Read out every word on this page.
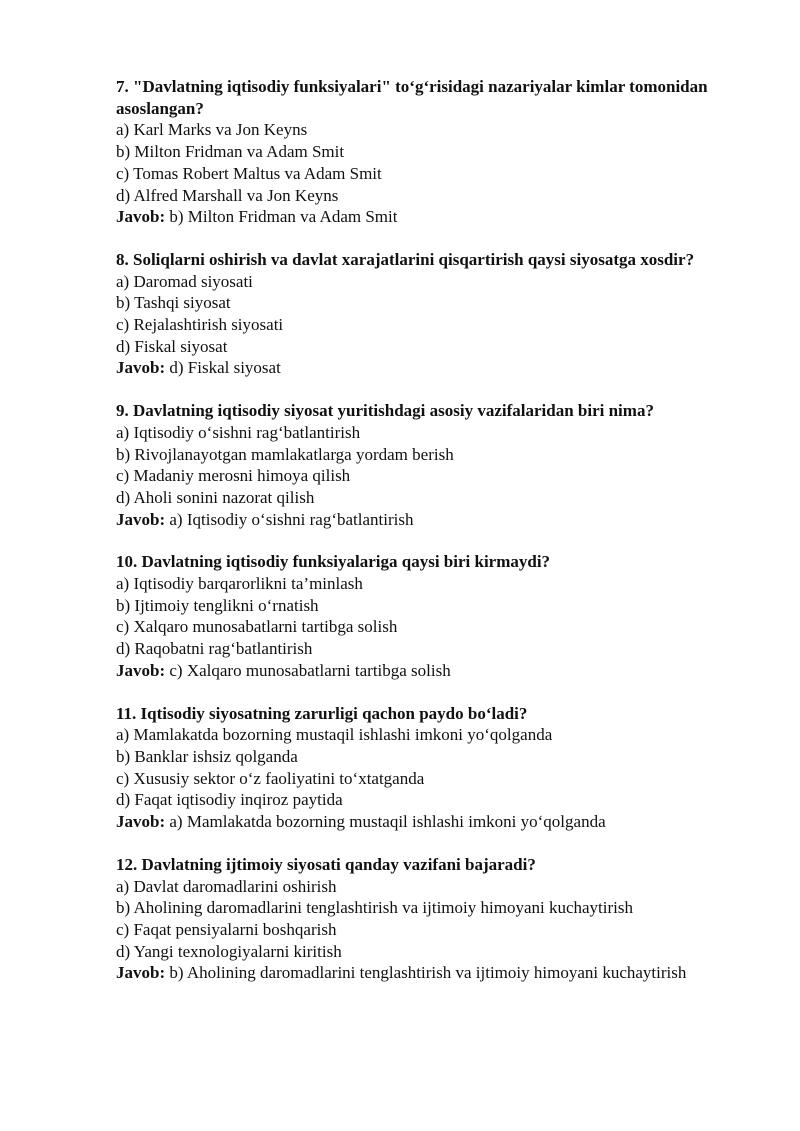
7. "Davlatning iqtisodiy funksiyalari" to‘g‘risidagi nazariyalar kimlar tomonidan asoslangan?

a) Karl Marks va Jon Keyns

b) Milton Fridman va Adam Smit

c) Tomas Robert Maltus va Adam Smit

d) Alfred Marshall va Jon Keyns

Javob: b) Milton Fridman va Adam Smit

8. Soliqlarni oshirish va davlat xarajatlarini qisqartirish qaysi siyosatga xosdir?

a) Daromad siyosati

b) Tashqi siyosat

c) Rejalashtirish siyosati

d) Fiskal siyosat

Javob: d) Fiskal siyosat

9. Davlatning iqtisodiy siyosat yuritishdagi asosiy vazifalaridan biri nima?

a) Iqtisodiy o‘sishni rag‘batlantirish

b) Rivojlanayotgan mamlakatlarga yordam berish

c) Madaniy merosni himoya qilish

d) Aholi sonini nazorat qilish

Javob: a) Iqtisodiy o‘sishni rag‘batlantirish

10. Davlatning iqtisodiy funksiyalariga qaysi biri kirmaydi?

a) Iqtisodiy barqarorlikni ta’minlash

b) Ijtimoiy tenglikni o‘rnatish

c) Xalqaro munosabatlarni tartibga solish

d) Raqobatni rag‘batlantirish

Javob: c) Xalqaro munosabatlarni tartibga solish

11. Iqtisodiy siyosatning zarurligi qachon paydo bo‘ladi?

a) Mamlakatda bozorning mustaqil ishlashi imkoni yo‘qolganda

b) Banklar ishsiz qolganda

c) Xususiy sektor o‘z faoliyatini to‘xtatganda

d) Faqat iqtisodiy inqiroz paytida

Javob: a) Mamlakatda bozorning mustaqil ishlashi imkoni yo‘qolganda

12. Davlatning ijtimoiy siyosati qanday vazifani bajaradi?

a) Davlat daromadlarini oshirish

b) Aholining daromadlarini tenglashtirish va ijtimoiy himoyani kuchaytirish

c) Faqat pensiyalarni boshqarish

d) Yangi texnologiyalarni kiritish

Javob: b) Aholining daromadlarini tenglashtirish va ijtimoiy himoyani kuchaytirish
